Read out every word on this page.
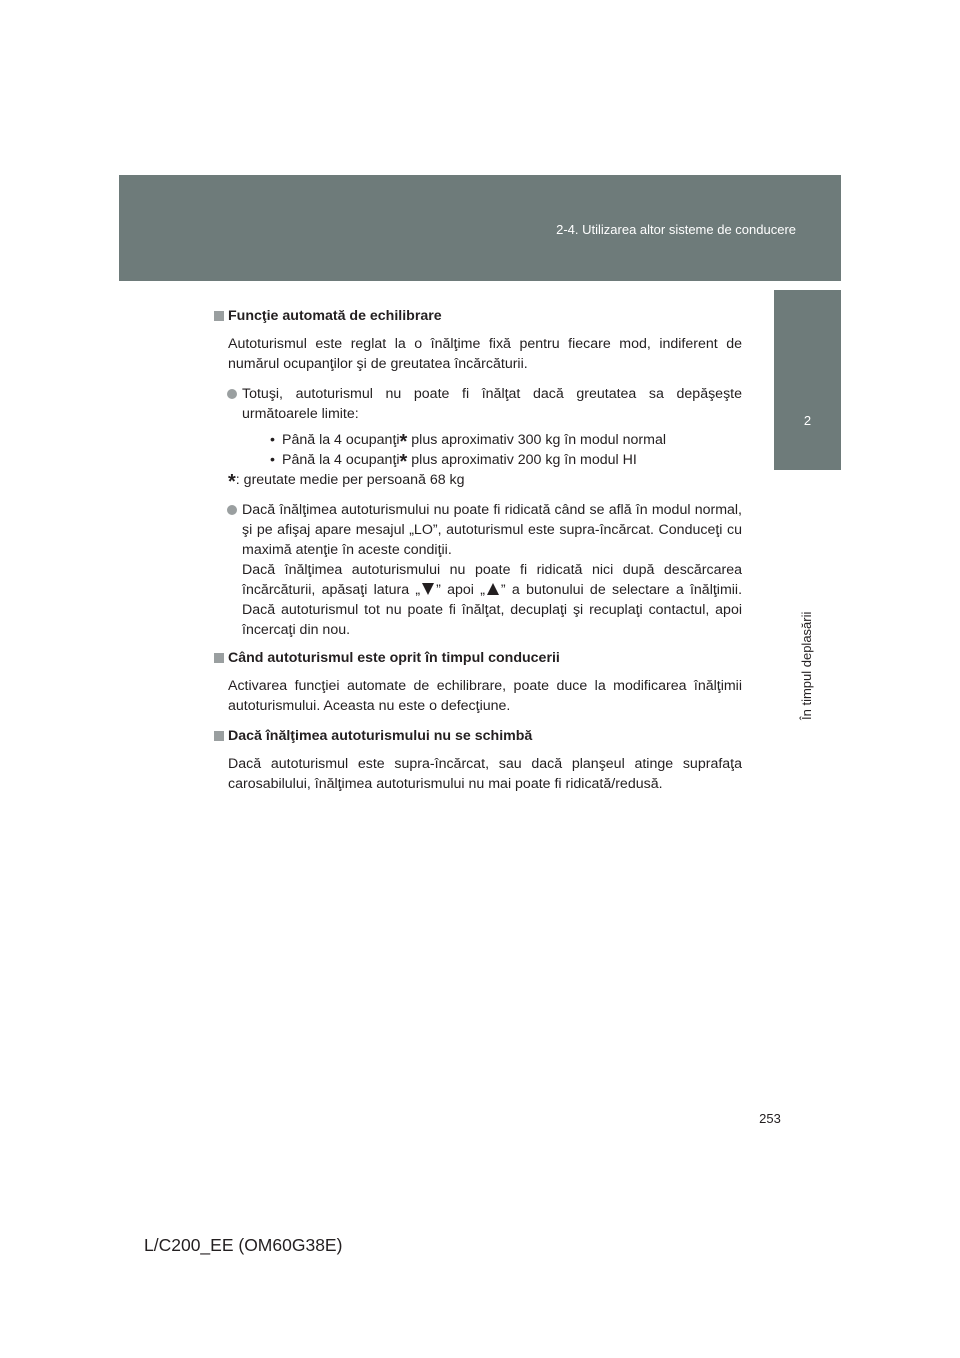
2-4. Utilizarea altor sisteme de conducere
2
În timpul deplasării
Funcţie automată de echilibrare

Autoturismul este reglat la o înălţime fixă pentru fiecare mod, indiferent de numărul ocupanţilor şi de greutatea încărcăturii.

Totuşi, autoturismul nu poate fi înălţat dacă greutatea sa depăşeşte următoarele limite:
• Până la 4 ocupanţi* plus aproximativ 300 kg în modul normal
• Până la 4 ocupanţi* plus aproximativ 200 kg în modul HI
*: greutate medie per persoană 68 kg
Dacă înălţimea autoturismului nu poate fi ridicată când se află în modul normal, şi pe afişaj apare mesajul „LO”, autoturismul este supra-încărcat. Conduceţi cu maximă atenţie în aceste condiţii.
Dacă înălţimea autoturismului nu poate fi ridicată nici după descărcarea încărcăturii, apăsaţi latura „ ” apoi „ ” a butonului de selectare a înălţimii. Dacă autoturismul tot nu poate fi înălţat, decuplaţi şi recuplaţi contactul, apoi încercaţi din nou.
Când autoturismul este oprit în timpul conducerii

Activarea funcţiei automate de echilibrare, poate duce la modificarea înălţimii autoturismului. Aceasta nu este o defecţiune.

Dacă înălţimea autoturismului nu se schimbă

Dacă autoturismul este supra-încărcat, sau dacă planşeul atinge suprafaţa carosabilului, înălţimea autoturismului nu mai poate fi ridicată/redusă.

253
L/C200_EE (OM60G38E)
